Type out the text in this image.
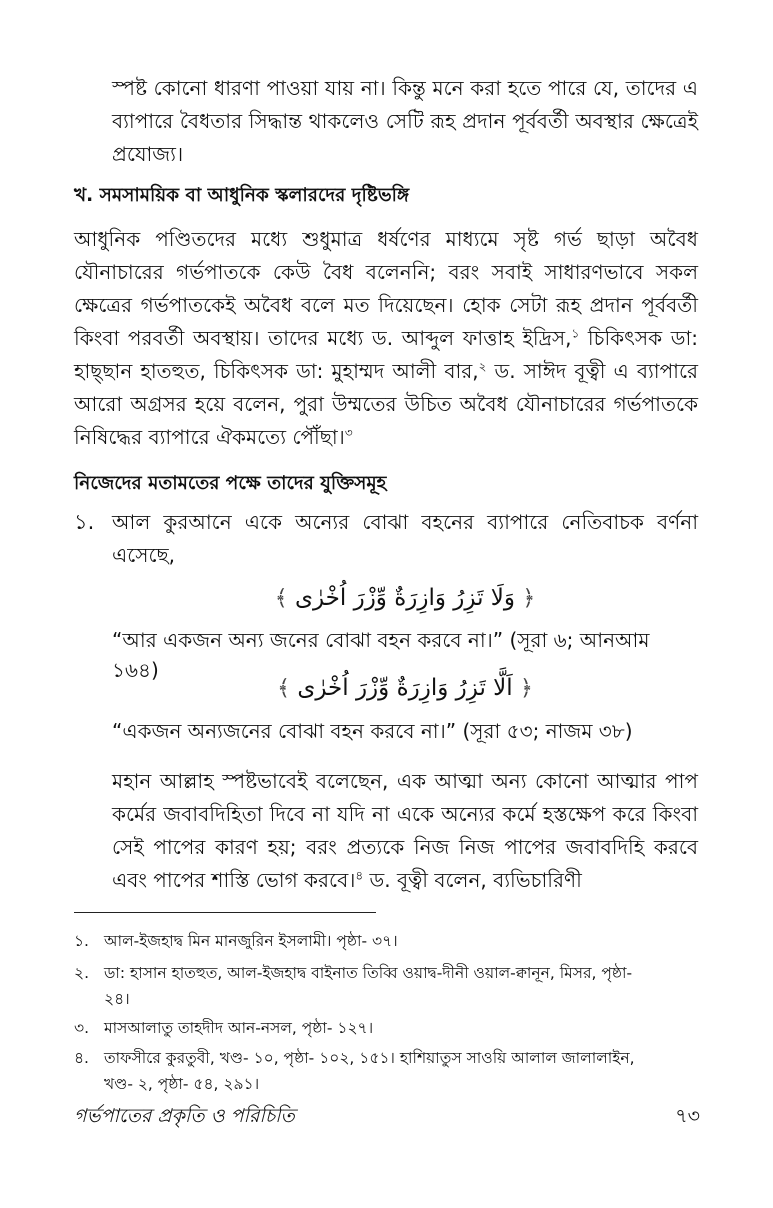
স্পষ্ট কোনো ধারণা পাওয়া যায় না। কিন্তু মনে করা হতে পারে যে, তাদের এ ব্যাপারে বৈধতার সিদ্ধান্ত থাকলেও সেটি রূহ প্রদান পূর্ববর্তী অবস্থার ক্ষেত্রেই প্রযোজ্য।
খ. সমসাময়িক বা আধুনিক স্কলারদের দৃষ্টিভঙ্গি
আধুনিক পণ্ডিতদের মধ্যে শুধুমাত্র ধর্ষণের মাধ্যমে সৃষ্ট গর্ভ ছাড়া অবৈধ যৌনাচারের গর্ভপাতকে কেউ বৈধ বলেননি; বরং সবাই সাধারণভাবে সকল ক্ষেত্রের গর্ভপাতকেই অবৈধ বলে মত দিয়েছেন। হোক সেটা রূহ প্রদান পূর্ববর্তী কিংবা পরবর্তী অবস্থায়। তাদের মধ্যে ড. আব্দুল ফাত্তাহ ইদ্রিস,$^১$ চিকিৎসক ডা: হাছ্ছান হাতহুত, চিকিৎসক ডা: মুহাম্মদ আলী বার,$^২$ ড. সাঈদ বূত্বী এ ব্যাপারে আরো অগ্রসর হয়ে বলেন, পুরা উম্মতের উচিত অবৈধ যৌনাচারের গর্ভপাতকে নিষিদ্ধের ব্যাপারে ঐকমত্যে পৌঁছা।$^৩$
নিজেদের মতামতের পক্ষে তাদের যুক্তিসমূহ
১. আল কুরআনে একে অন্যের বোঝা বহনের ব্যাপারে নেতিবাচক বর্ণনা এসেছে,
﴾ وَلَا تَزِرُ وَازِرَةٌ وِّزْرَ اُخْرٰی ﴿
“আর একজন অন্য জনের বোঝা বহন করবে না।” (সূরা ৬; আনআম ১৬৪)
﴾ اَلَّا تَزِرُ وَازِرَةٌ وِّزْرَ اُخْرٰی ﴿
“একজন অন্যজনের বোঝা বহন করবে না।” (সূরা ৫৩; নাজম ৩৮)
মহান আল্লাহ স্পষ্টভাবেই বলেছেন, এক আত্মা অন্য কোনো আত্মার পাপ কর্মের জবাবদিহিতা দিবে না যদি না একে অন্যের কর্মে হস্তক্ষেপ করে কিংবা সেই পাপের কারণ হয়; বরং প্রত্যকে নিজ নিজ পাপের জবাবদিহি করবে এবং পাপের শাস্তি ভোগ করবে।$^৪$ ড. বূত্বী বলেন, ব্যভিচারিণী
১. আল-ইজহাদ্ব মিন মানজুরিন ইসলামী। পৃষ্ঠা- ৩৭।
২. ডা: হাসান হাতহুত, আল-ইজহাদ্ব বাইনাত তিব্বি ওয়াদ্ব-দীনী ওয়াল-ক্বানূন, মিসর, পৃষ্ঠা-
২৪।
৩. মাসআলাতু তাহদীদ আন-নসল, পৃষ্ঠা- ১২৭।
৪. তাফসীরে কুরতুবী, খণ্ড- ১০, পৃষ্ঠা- ১০২, ১৫১। হাশিয়াতুস সাওয়ি আলাল জালালাইন,
খণ্ড- ২, পৃষ্ঠা- ৫৪, ২৯১।
গর্ভপাতের প্রকৃতি ও পরিচিতি	৭৩
